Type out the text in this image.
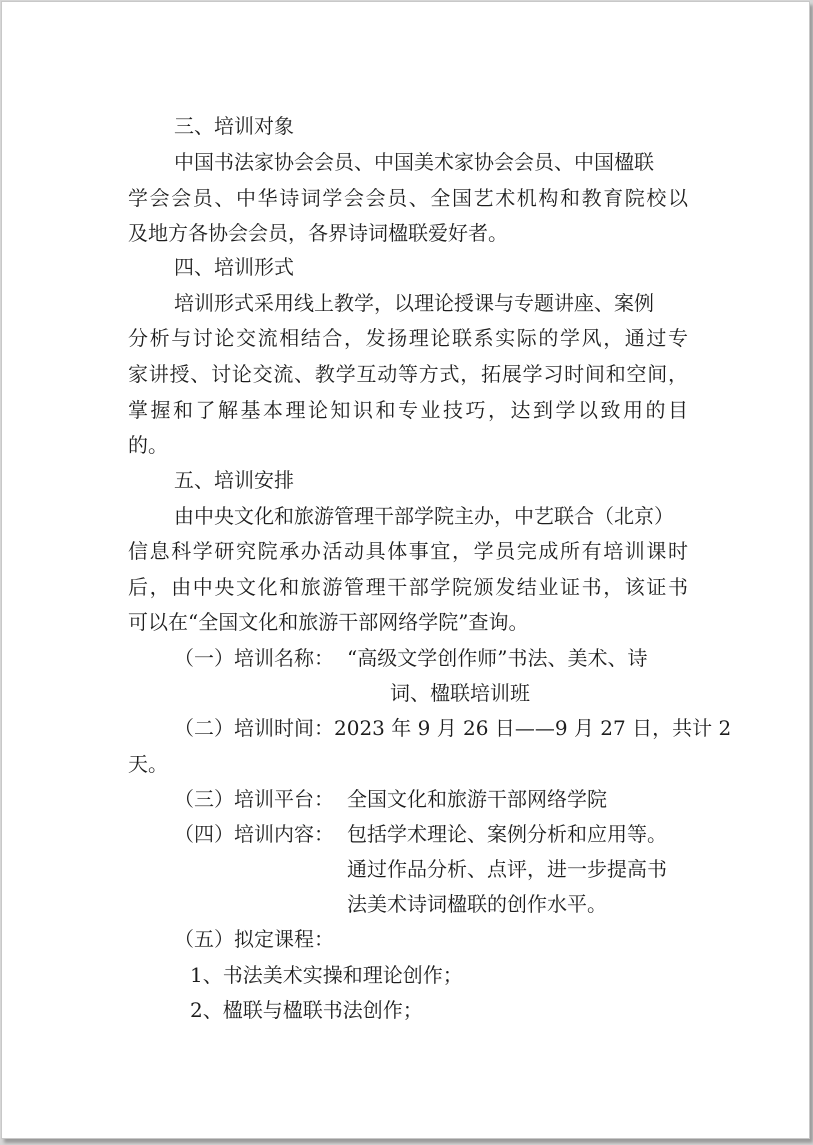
三、培训对象

中国书法家协会会员、中国美术家协会会员、中国楹联

学会会员、中华诗词学会会员、全国艺术机构和教育院校以

及地方各协会会员，各界诗词楹联爱好者。

四、培训形式

培训形式采用线上教学，以理论授课与专题讲座、案例

分析与讨论交流相结合，发扬理论联系实际的学风，通过专

家讲授、讨论交流、教学互动等方式，拓展学习时间和空间，

掌握和了解基本理论知识和专业技巧，达到学以致用的目

的。

五、培训安排

由中央文化和旅游管理干部学院主办，中艺联合（北京）

信息科学研究院承办活动具体事宜，学员完成所有培训课时

后，由中央文化和旅游管理干部学院颁发结业证书，该证书

可以在“全国文化和旅游干部网络学院”查询。

（一）培训名称： “高级文学创作师”书法、美术、诗

词、楹联培训班

（二）培训时间：2023 年 9 月 26 日——9 月 27 日，共计 2

天。

（三）培训平台： 全国文化和旅游干部网络学院

（四）培训内容： 包括学术理论、案例分析和应用等。

通过作品分析、点评，进一步提高书

法美术诗词楹联的创作水平。

（五）拟定课程：

1、书法美术实操和理论创作；

2、楹联与楹联书法创作；
